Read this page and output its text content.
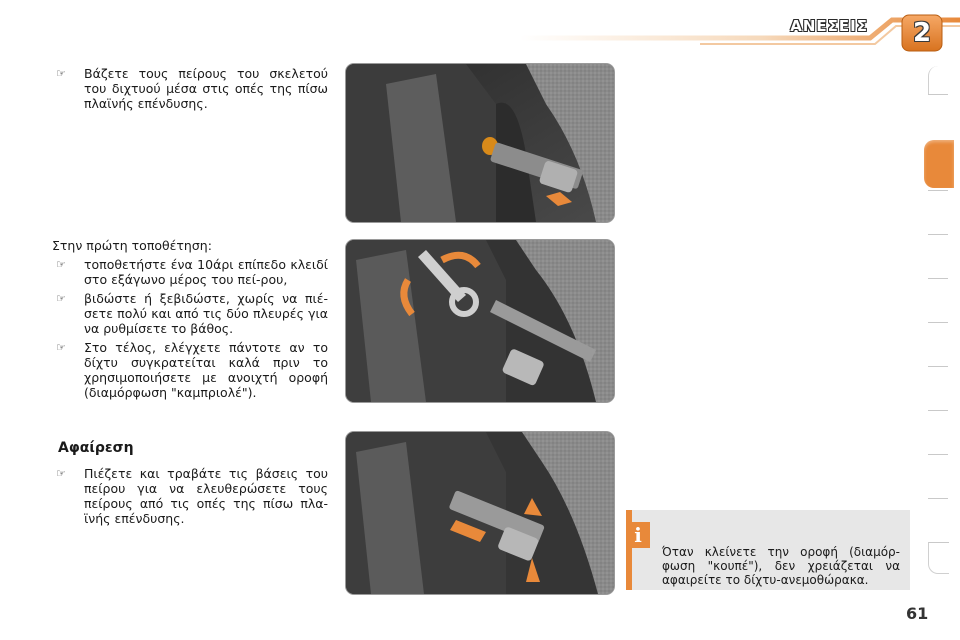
ΑΝΕΣΕΙΣ	2
☞	Βάζετε τους πείρους του σκελετού του διχτυού μέσα στις οπές της πίσω πλαϊνής επένδυσης.
Στην πρώτη τοποθέτηση:
☞	τοποθετήστε ένα 10άρι επίπεδο κλειδί στο εξάγωνο μέρος του πεί-ρου,
☞	βιδώστε ή ξεβιδώστε, χωρίς να πιέ-σετε πολύ και από τις δύο πλευρές για να ρυθμίσετε το βάθος.
☞	Στο τέλος, ελέγχετε πάντοτε αν το δίχτυ συγκρατείται καλά πριν το χρησιμοποιήσετε με ανοιχτή οροφή (διαμόρφωση "καμπριολέ").
Αφαίρεση
☞	Πιέζετε και τραβάτε τις βάσεις του πείρου για να ελευθερώσετε τους πείρους από τις οπές της πίσω πλα-ϊνής επένδυσης.
Όταν κλείνετε την οροφή (διαμόρ-φωση "κουπέ"), δεν χρειάζεται να αφαιρείτε το δίχτυ-ανεμοθώρακα.
i
61
